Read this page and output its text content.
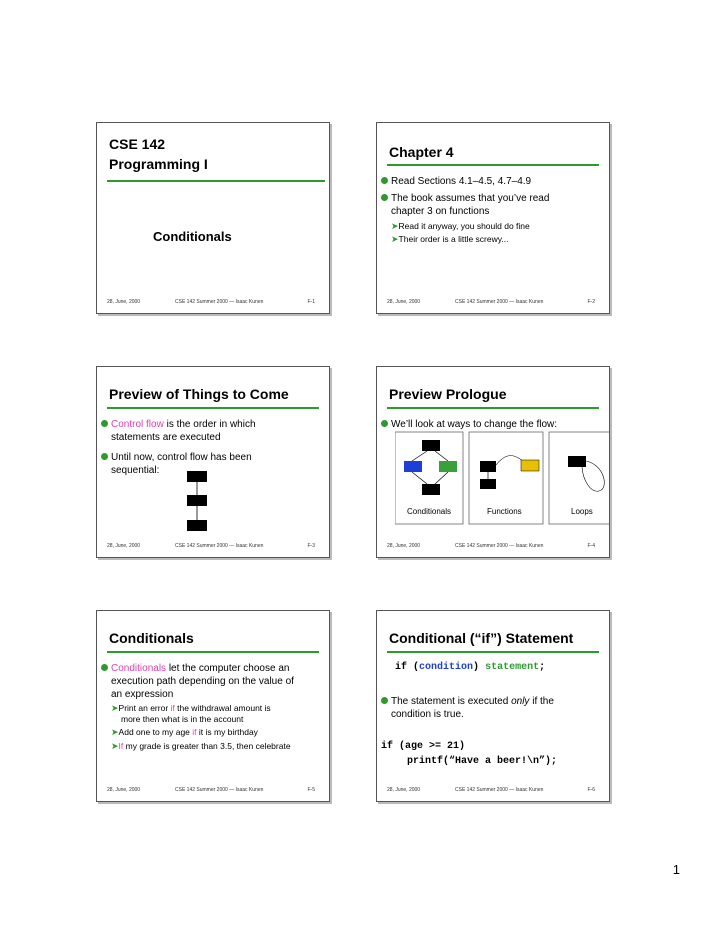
CSE 142
Programming I
Conditionals
28, June, 2000	CSE 142 Summer 2000 — Isaac Kunen	F-1
Chapter 4
Read Sections 4.1–4.5, 4.7–4.9
The book assumes that you’ve read
chapter 3 on functions
➤Read it anyway, you should do fine
➤Their order is a little screwy...
28, June, 2000	CSE 142 Summer 2000 — Isaac Kunen	F-2
Preview of Things to Come
Control flow is the order in which
statements are executed
Until now, control flow has been
sequential:
28, June, 2000	CSE 142 Summer 2000 — Isaac Kunen	F-3
Preview Prologue
We’ll look at ways to change the flow:
Conditionals	Functions	Loops
28, June, 2000	CSE 142 Summer 2000 — Isaac Kunen	F-4
Conditionals
Conditionals let the computer choose an
execution path depending on the value of
an expression
➤Print an error if the withdrawal amount is
more then what is in the account
➤Add one to my age if it is my birthday
➤If my grade is greater than 3.5, then celebrate
28, June, 2000	CSE 142 Summer 2000 — Isaac Kunen	F-5
Conditional (“if”) Statement
if (condition) statement;
The statement is executed only if the
condition is true.
if (age >= 21)
printf(“Have a beer!\n”);
28, June, 2000	CSE 142 Summer 2000 — Isaac Kunen	F-6
1
